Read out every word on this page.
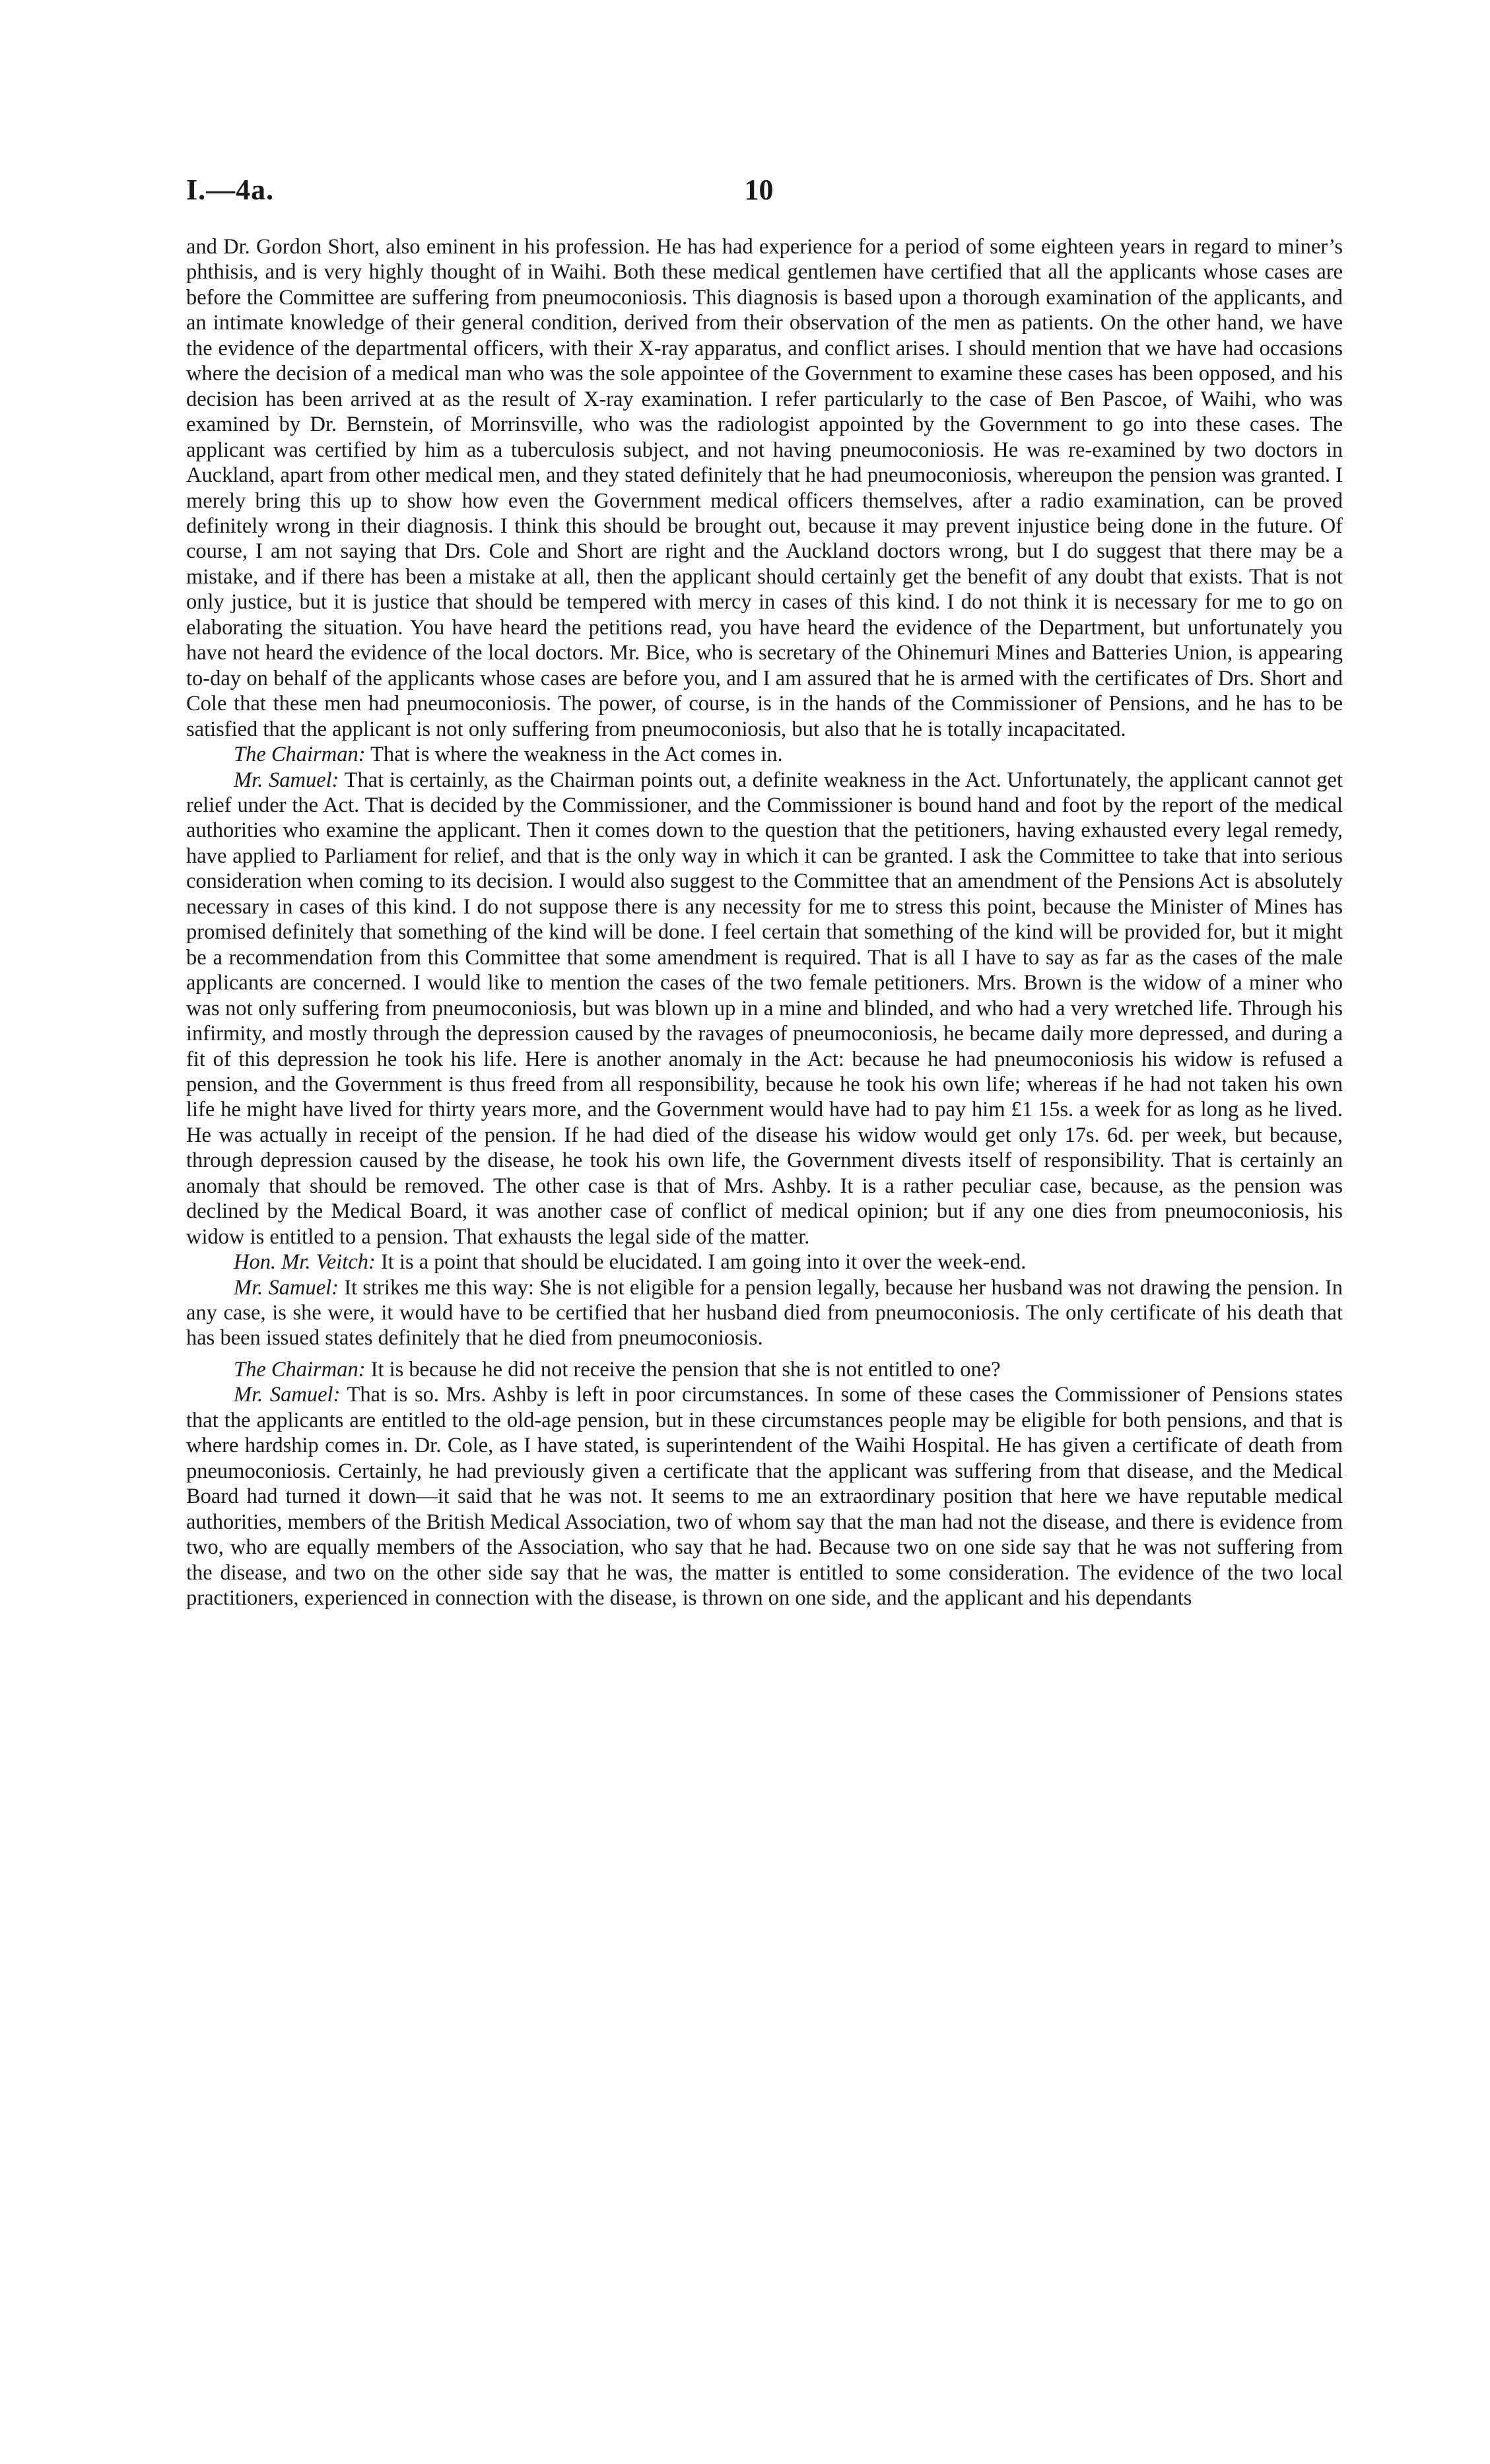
I.—4a.	10

and Dr. Gordon Short, also eminent in his profession. He has had experience for a period of some eighteen years in regard to miner’s phthisis, and is very highly thought of in Waihi. Both these medical gentlemen have certified that all the applicants whose cases are before the Committee are suffering from pneumoconiosis. This diagnosis is based upon a thorough examination of the applicants, and an intimate knowledge of their general condition, derived from their observation of the men as patients. On the other hand, we have the evidence of the departmental officers, with their X-ray apparatus, and conflict arises. I should mention that we have had occasions where the decision of a medical man who was the sole appointee of the Government to examine these cases has been opposed, and his decision has been arrived at as the result of X-ray examination. I refer particularly to the case of Ben Pascoe, of Waihi, who was examined by Dr. Bernstein, of Morrinsville, who was the radiologist appointed by the Government to go into these cases. The applicant was certified by him as a tuberculosis subject, and not having pneumoconiosis. He was re-examined by two doctors in Auckland, apart from other medical men, and they stated definitely that he had pneumoconiosis, whereupon the pension was granted. I merely bring this up to show how even the Government medical officers themselves, after a radio examination, can be proved definitely wrong in their diagnosis. I think this should be brought out, because it may prevent injustice being done in the future. Of course, I am not saying that Drs. Cole and Short are right and the Auckland doctors wrong, but I do suggest that there may be a mistake, and if there has been a mistake at all, then the applicant should certainly get the benefit of any doubt that exists. That is not only justice, but it is justice that should be tempered with mercy in cases of this kind. I do not think it is necessary for me to go on elaborating the situation. You have heard the petitions read, you have heard the evidence of the Department, but unfortunately you have not heard the evidence of the local doctors. Mr. Bice, who is secretary of the Ohinemuri Mines and Batteries Union, is appearing to-day on behalf of the applicants whose cases are before you, and I am assured that he is armed with the certificates of Drs. Short and Cole that these men had pneumoconiosis. The power, of course, is in the hands of the Commissioner of Pensions, and he has to be satisfied that the applicant is not only suffering from pneumoconiosis, but also that he is totally incapacitated.

The Chairman: That is where the weakness in the Act comes in.

Mr. Samuel: That is certainly, as the Chairman points out, a definite weakness in the Act. Unfortunately, the applicant cannot get relief under the Act. That is decided by the Commissioner, and the Commissioner is bound hand and foot by the report of the medical authorities who examine the applicant. Then it comes down to the question that the petitioners, having exhausted every legal remedy, have applied to Parliament for relief, and that is the only way in which it can be granted. I ask the Committee to take that into serious consideration when coming to its decision. I would also suggest to the Committee that an amendment of the Pensions Act is absolutely necessary in cases of this kind. I do not suppose there is any necessity for me to stress this point, because the Minister of Mines has promised definitely that something of the kind will be done. I feel certain that something of the kind will be provided for, but it might be a recommendation from this Committee that some amendment is required. That is all I have to say as far as the cases of the male applicants are concerned. I would like to mention the cases of the two female petitioners. Mrs. Brown is the widow of a miner who was not only suffering from pneumoconiosis, but was blown up in a mine and blinded, and who had a very wretched life. Through his infirmity, and mostly through the depression caused by the ravages of pneumoconiosis, he became daily more depressed, and during a fit of this depression he took his life. Here is another anomaly in the Act: because he had pneumoconiosis his widow is refused a pension, and the Government is thus freed from all responsibility, because he took his own life; whereas if he had not taken his own life he might have lived for thirty years more, and the Government would have had to pay him £1 15s. a week for as long as he lived. He was actually in receipt of the pension. If he had died of the disease his widow would get only 17s. 6d. per week, but because, through depression caused by the disease, he took his own life, the Government divests itself of responsibility. That is certainly an anomaly that should be removed. The other case is that of Mrs. Ashby. It is a rather peculiar case, because, as the pension was declined by the Medical Board, it was another case of conflict of medical opinion; but if any one dies from pneumoconiosis, his widow is entitled to a pension. That exhausts the legal side of the matter.

Hon. Mr. Veitch: It is a point that should be elucidated. I am going into it over the week-end.

Mr. Samuel: It strikes me this way: She is not eligible for a pension legally, because her husband was not drawing the pension. In any case, is she were, it would have to be certified that her husband died from pneumoconiosis. The only certificate of his death that has been issued states definitely that he died from pneumoconiosis.

The Chairman: It is because he did not receive the pension that she is not entitled to one?

Mr. Samuel: That is so. Mrs. Ashby is left in poor circumstances. In some of these cases the Commissioner of Pensions states that the applicants are entitled to the old-age pension, but in these circumstances people may be eligible for both pensions, and that is where hardship comes in. Dr. Cole, as I have stated, is superintendent of the Waihi Hospital. He has given a certificate of death from pneumoconiosis. Certainly, he had previously given a certificate that the applicant was suffering from that disease, and the Medical Board had turned it down—it said that he was not. It seems to me an extraordinary position that here we have reputable medical authorities, members of the British Medical Association, two of whom say that the man had not the disease, and there is evidence from two, who are equally members of the Association, who say that he had. Because two on one side say that he was not suffering from the disease, and two on the other side say that he was, the matter is entitled to some consideration. The evidence of the two local practitioners, experienced in connection with the disease, is thrown on one side, and the applicant and his dependants
